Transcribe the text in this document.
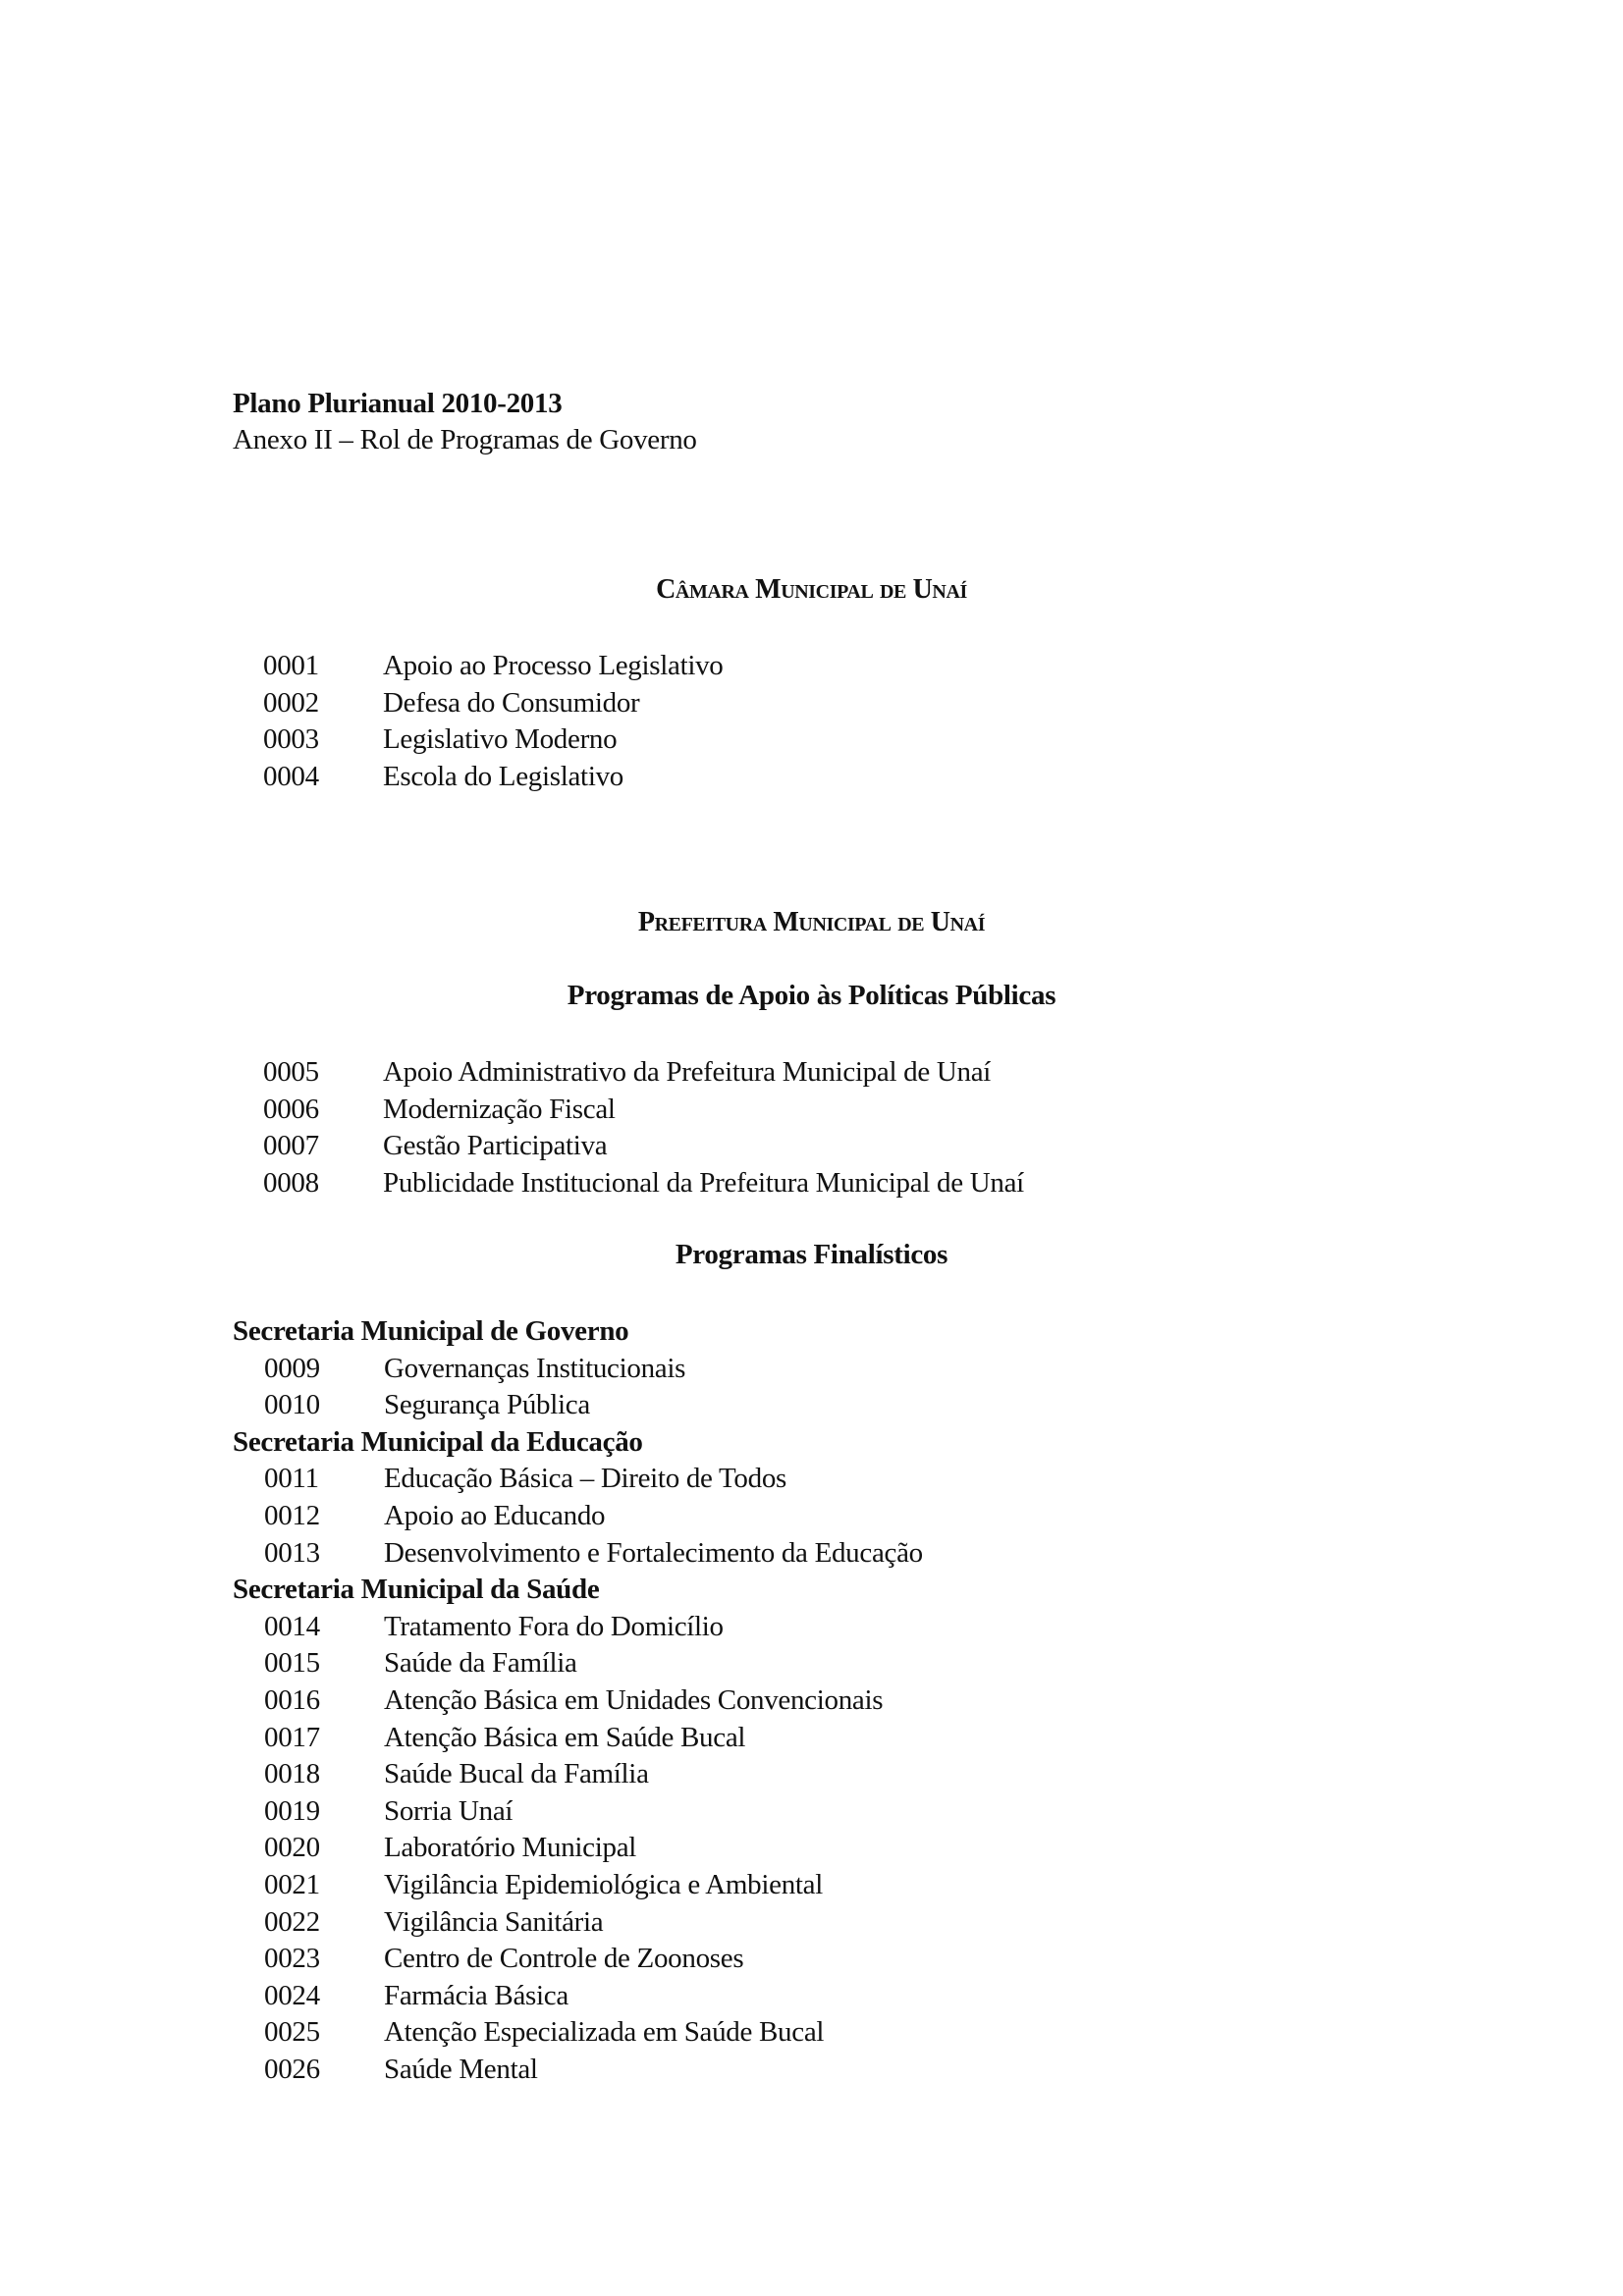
Plano Plurianual 2010-2013
Anexo II – Rol de Programas de Governo
Câmara Municipal de Unaí
0001 Apoio ao Processo Legislativo
0002 Defesa do Consumidor
0003 Legislativo Moderno
0004 Escola do Legislativo
Prefeitura Municipal de Unaí
Programas de Apoio às Políticas Públicas
0005 Apoio Administrativo da Prefeitura Municipal de Unaí
0006 Modernização Fiscal
0007 Gestão Participativa
0008 Publicidade Institucional da Prefeitura Municipal de Unaí
Programas Finalísticos
Secretaria Municipal de Governo
0009 Governanças Institucionais
0010 Segurança Pública
Secretaria Municipal da Educação
0011 Educação Básica – Direito de Todos
0012 Apoio ao Educando
0013 Desenvolvimento e Fortalecimento da Educação
Secretaria Municipal da Saúde
0014 Tratamento Fora do Domicílio
0015 Saúde da Família
0016 Atenção Básica em Unidades Convencionais
0017 Atenção Básica em Saúde Bucal
0018 Saúde Bucal da Família
0019 Sorria Unaí
0020 Laboratório Municipal
0021 Vigilância Epidemiológica e Ambiental
0022 Vigilância Sanitária
0023 Centro de Controle de Zoonoses
0024 Farmácia Básica
0025 Atenção Especializada em Saúde Bucal
0026 Saúde Mental
